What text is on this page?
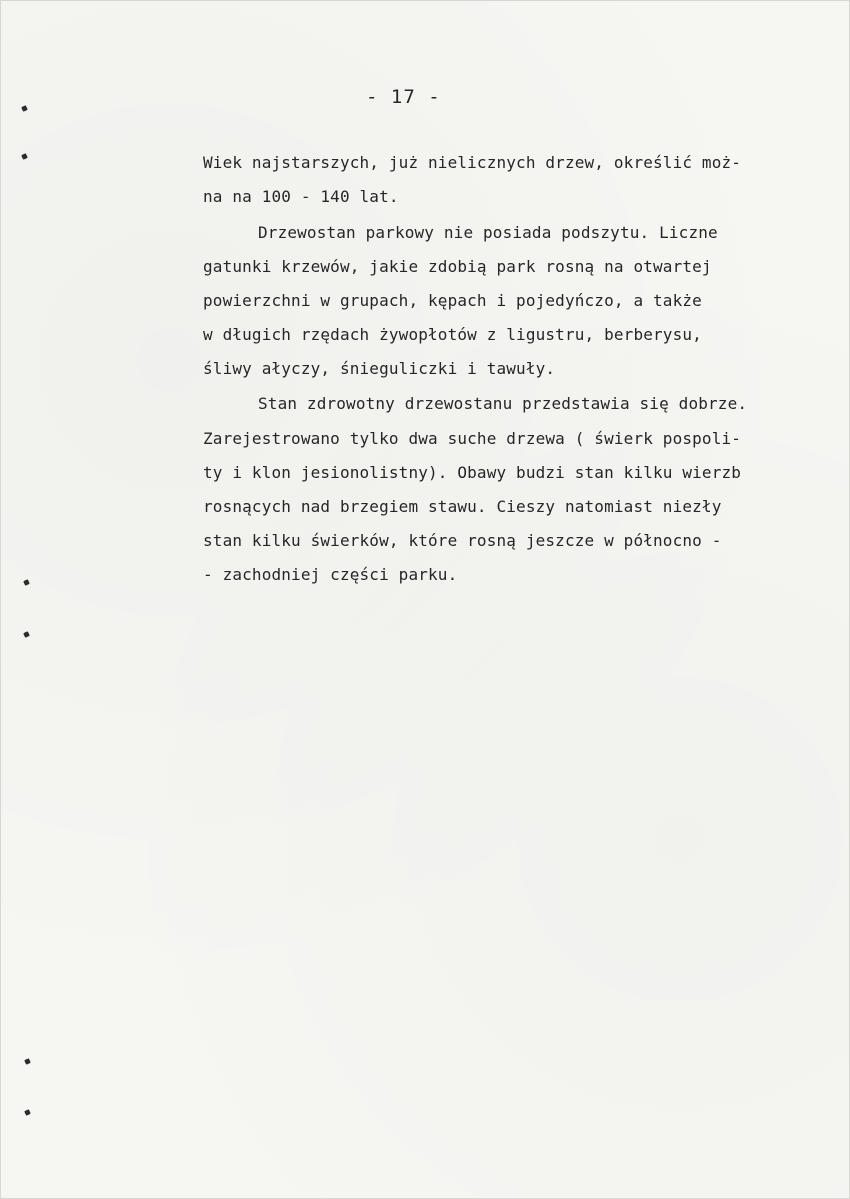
- 17 -
Wiek najstarszych, już nielicznych drzew, określić moż-
na na 100 - 140 lat.
Drzewostan parkowy nie posiada podszytu. Liczne
gatunki krzewów, jakie zdobią park rosną na otwartej
powierzchni w grupach, kępach i pojedyńczo, a także
w długich rzędach żywopłotów z ligustru, berberysu,
śliwy ałyczy, śnieguliczki i tawuły.
Stan zdrowotny drzewostanu przedstawia się dobrze.
Zarejestrowano tylko dwa suche drzewa ( świerk pospoli-
ty i klon jesionolistny). Obawy budzi stan kilku wierzb
rosnących nad brzegiem stawu. Cieszy natomiast niezły
stan kilku świerków, które rosną jeszcze w północno -
- zachodniej części parku.
